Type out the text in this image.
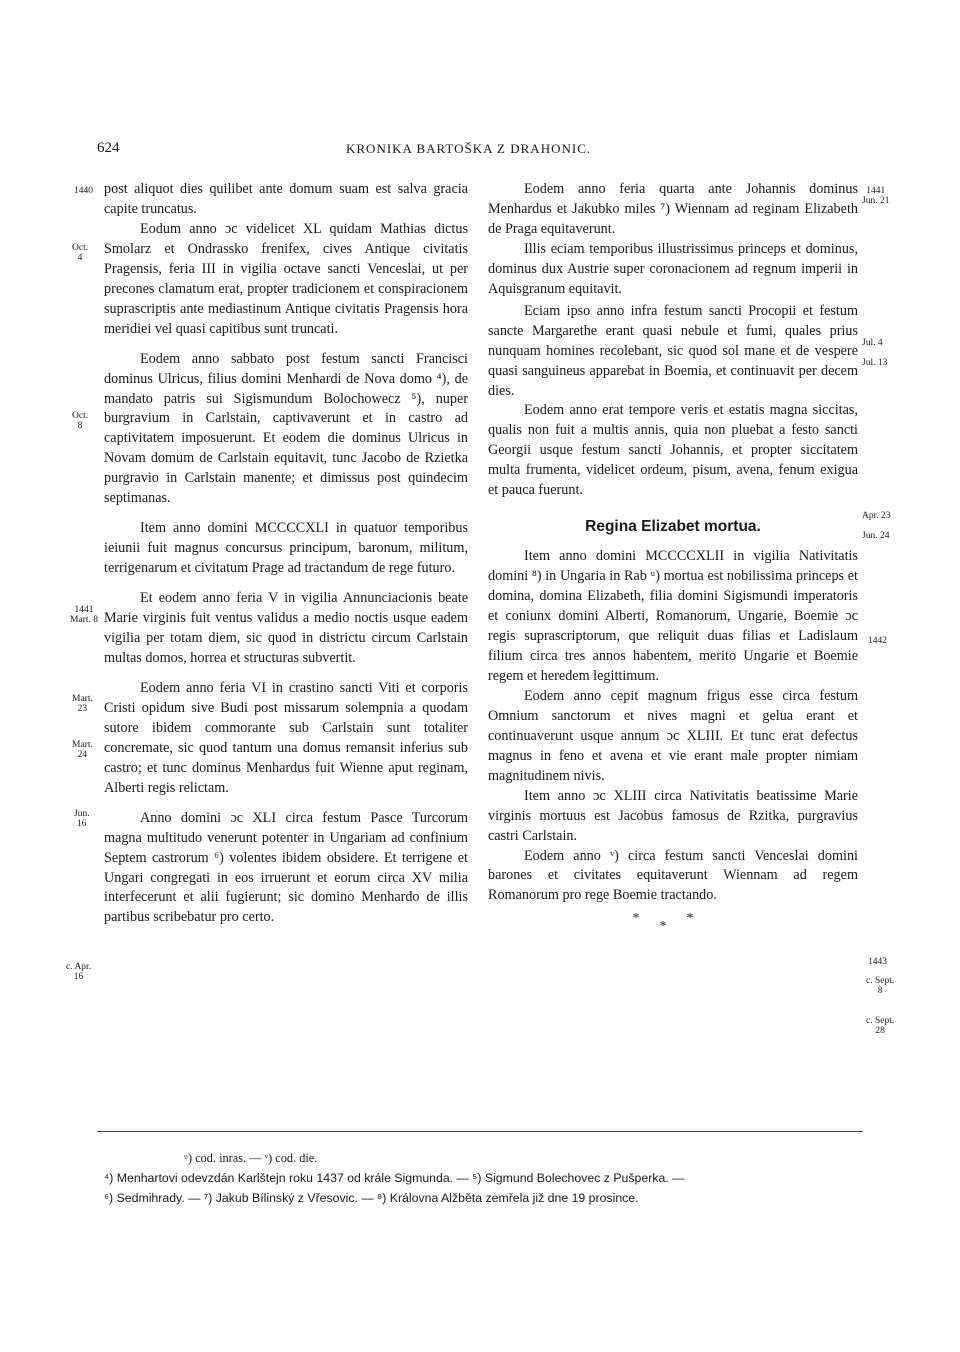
624	KRONIKA BARTOŠKA Z DRAHONIC.

post aliquot dies quilibet ante domum suam est salva gracia capite truncatus.

Eodum anno ɔc videlicet XL quidam Mathias dictus Smolarz et Ondrassko frenifex, cives Antique civitatis Pragensis, feria III in vigilia octave sancti Venceslai, ut per precones clamatum erat, propter tradicionem et conspiracionem suprascriptis ante mediastinum Antique civitatis Pragensis hora meridiei vel quasi capitibus sunt truncati.

Eodem anno sabbato post festum sancti Francisci dominus Ulricus, filius domini Menhardi de Nova domo ⁴), de mandato patris sui Sigismundum Bolochowecz ⁵), nuper burgravium in Carlstain, captivaverunt et in castro ad captivitatem imposuerunt. Et eodem die dominus Ulricus in Novam domum de Carlstain equitavit, tunc Jacobo de Rzietka purgravio in Carlstain manente; et dimissus post quindecim septimanas.

Item anno domini MCCCCXLI in quatuor temporibus ieiunii fuit magnus concursus principum, baronum, militum, terrigenarum et civitatum Prage ad tractandum de rege futuro.

Et eodem anno feria V in vigilia Annunciacionis beate Marie virginis fuit ventus validus a medio noctis usque eadem vigilia per totam diem, sic quod in districtu circum Carlstain multas domos, horrea et structuras subvertit.

Eodem anno feria VI in crastino sancti Viti et corporis Cristi opidum sive Budi post missarum solempnia a quodam sutore ibidem commorante sub Carlstain sunt totaliter concremate, sic quod tantum una domus remansit inferius sub castro; et tunc dominus Menhardus fuit Wienne aput reginam, Alberti regis relictam.

Anno domini ɔc XLI circa festum Pasce Turcorum magna multitudo venerunt potenter in Ungariam ad confinium Septem castrorum ⁶) volentes ibidem obsidere. Et terrigene et Ungari congregati in eos irruerunt et eorum circa XV milia interfecerunt et alii fugierunt; sic domino Menhardo de illis partibus scribebatur pro certo.

Eodem anno feria quarta ante Johannis dominus Menhardus et Jakubko miles ⁷) Wiennam ad reginam Elizabeth de Praga equitaverunt.

Illis eciam temporibus illustrissimus princeps et dominus, dominus dux Austrie super coronacionem ad regnum imperii in Aquisgranum equitavit.

Eciam ipso anno infra festum sancti Procopii et festum sancte Margarethe erant quasi nebule et fumi, quales prius nunquam homines recolebant, sic quod sol mane et de vespere quasi sanguineus apparebat in Boemia, et continuavit per decem dies.

Eodem anno erat tempore veris et estatis magna siccitas, qualis non fuit a multis annis, quia non pluebat a festo sancti Georgii usque festum sancti Johannis, et propter siccitatem multa frumenta, videlicet ordeum, pisum, avena, fenum exigua et pauca fuerunt.

Regina Elizabet mortua.

Item anno domini MCCCCXLII in vigilia Nativitatis domini ⁸) in Ungaria in Rab ᵘ) mortua est nobilissima princeps et domina, domina Elizabeth, filia domini Sigismundi imperatoris et coniunx domini Alberti, Romanorum, Ungarie, Boemie ɔc regis suprascriptorum, que reliquit duas filias et Ladislaum filium circa tres annos habentem, merito Ungarie et Boemie regem et heredem legittimum.

Eodem anno cepit magnum frigus esse circa festum Omnium sanctorum et nives magni et gelua erant et continuaverunt usque annum ɔc XLIII. Et tunc erat defectus magnus in feno et avena et vie erant male propter nimiam magnitudinem nivis.

Item anno ɔc XLIII circa Nativitatis beatissime Marie virginis mortuus est Jacobus famosus de Rzitka, purgravius castri Carlstain.

Eodem anno ᵛ) circa festum sancti Venceslai domini barones et civitates equitaverunt Wiennam ad regem Romanorum pro rege Boemie tractando.

***
1440
Oct.
4
Oct.
8
1441
Mart. 8
Mart.
23
Mart.
24
Jun.
16
c. Apr.
16
1441
Jun. 21
Jul. 4
Jul. 13
Apr. 23
Jun. 24
1442
1443
c. Sept.
8
c. Sept.
28
ᵘ) cod. inras. — ᵛ) cod. die.
⁴) Menhartovi odevzdán Karlštejn roku 1437 od krále Sigmunda. — ⁵) Sigmund Bolechovec z Pušperka. —
⁶) Sedmihrady. — ⁷) Jakub Bílinský z Vřesovic. — ⁸) Královna Alžběta zemřela již dne 19 prosince.
